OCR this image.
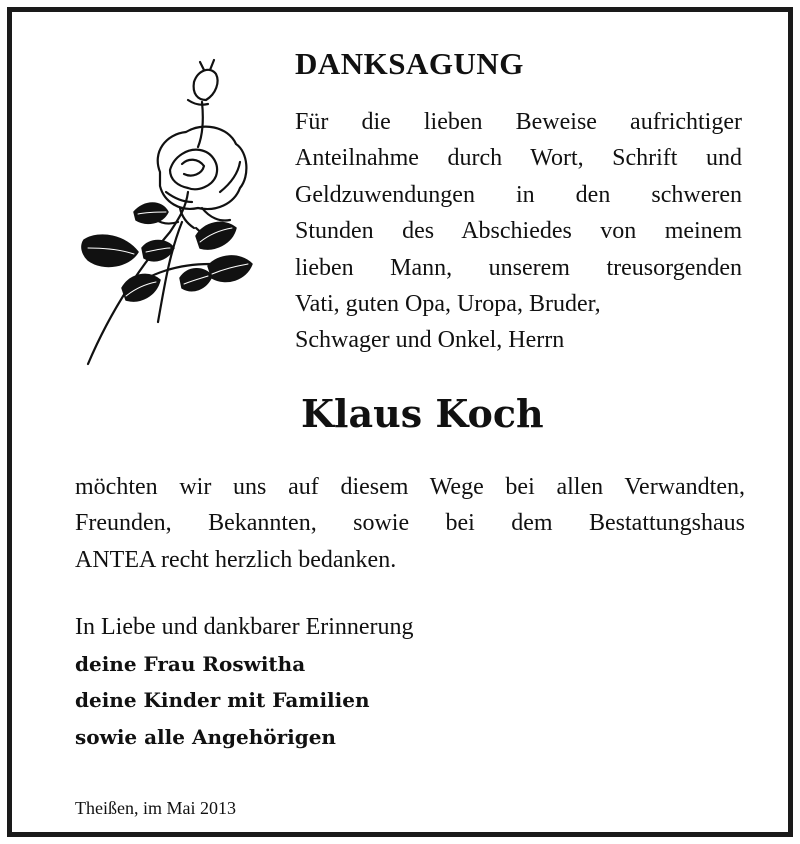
DANKSAGUNG
Für die lieben Beweise aufrichtiger
Anteilnahme durch Wort, Schrift und
Geldzuwendungen in den schweren
Stunden des Abschiedes von meinem
lieben Mann, unserem treusorgenden
Vati, guten Opa, Uropa, Bruder,
Schwager und Onkel, Herrn
Klaus Koch
möchten wir uns auf diesem Wege bei allen Verwandten,
Freunden, Bekannten, sowie bei dem Bestattungshaus
ANTEA recht herzlich bedanken.
In Liebe und dankbarer Erinnerung
deine Frau Roswitha
deine Kinder mit Familien
sowie alle Angehörigen
Theißen, im Mai 2013
